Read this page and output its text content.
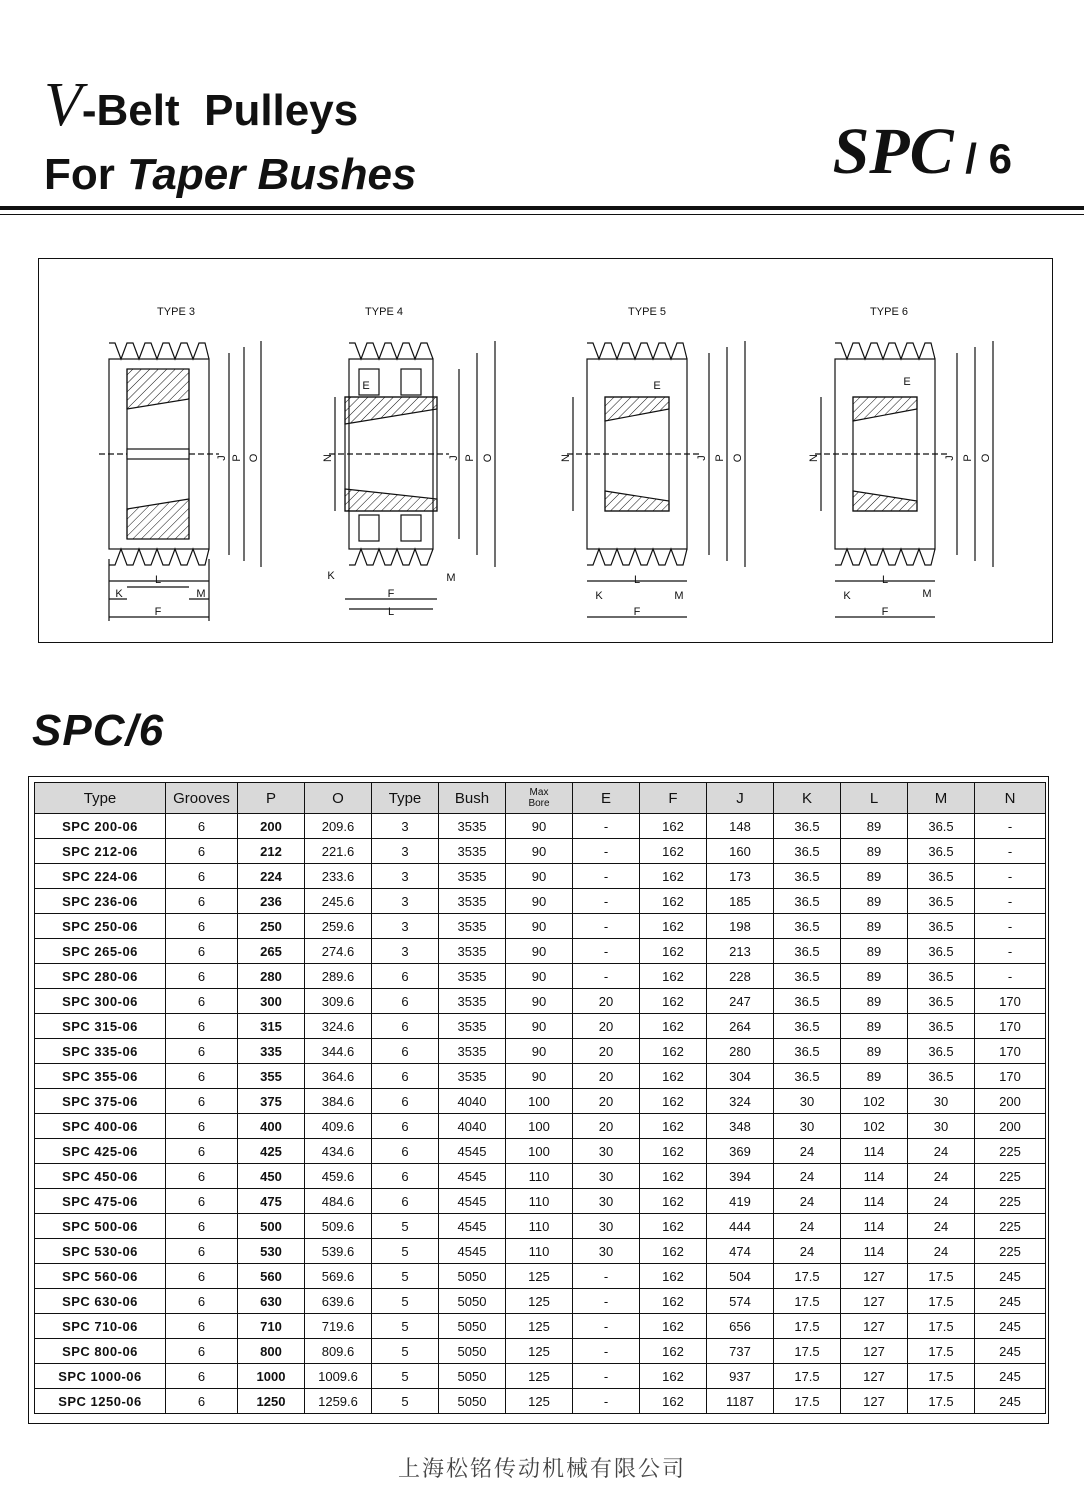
V-Belt  Pulleys
For Taper Bushes	SPC / 6
TYPE 3
L
K	M
F
J P O
TYPE 4
E
N	J P O
K	M
F
L
TYPE 5
E
N	J P O
L
K	M
F
TYPE 6
E
N	J P O
L
K	M
F
SPC/6
Type	Grooves	P	O	Type	Bush	Max
Bore	E	F	J	K	L	M	N
SPC 200-06	6	200	209.6	3	3535	90	-	162	148	36.5	89	36.5	-
SPC 212-06	6	212	221.6	3	3535	90	-	162	160	36.5	89	36.5	-
SPC 224-06	6	224	233.6	3	3535	90	-	162	173	36.5	89	36.5	-
SPC 236-06	6	236	245.6	3	3535	90	-	162	185	36.5	89	36.5	-
SPC 250-06	6	250	259.6	3	3535	90	-	162	198	36.5	89	36.5	-
SPC 265-06	6	265	274.6	3	3535	90	-	162	213	36.5	89	36.5	-
SPC 280-06	6	280	289.6	6	3535	90	-	162	228	36.5	89	36.5	-
SPC 300-06	6	300	309.6	6	3535	90	20	162	247	36.5	89	36.5	170
SPC 315-06	6	315	324.6	6	3535	90	20	162	264	36.5	89	36.5	170
SPC 335-06	6	335	344.6	6	3535	90	20	162	280	36.5	89	36.5	170
SPC 355-06	6	355	364.6	6	3535	90	20	162	304	36.5	89	36.5	170
SPC 375-06	6	375	384.6	6	4040	100	20	162	324	30	102	30	200
SPC 400-06	6	400	409.6	6	4040	100	20	162	348	30	102	30	200
SPC 425-06	6	425	434.6	6	4545	100	30	162	369	24	114	24	225
SPC 450-06	6	450	459.6	6	4545	110	30	162	394	24	114	24	225
SPC 475-06	6	475	484.6	6	4545	110	30	162	419	24	114	24	225
SPC 500-06	6	500	509.6	5	4545	110	30	162	444	24	114	24	225
SPC 530-06	6	530	539.6	5	4545	110	30	162	474	24	114	24	225
SPC 560-06	6	560	569.6	5	5050	125	-	162	504	17.5	127	17.5	245
SPC 630-06	6	630	639.6	5	5050	125	-	162	574	17.5	127	17.5	245
SPC 710-06	6	710	719.6	5	5050	125	-	162	656	17.5	127	17.5	245
SPC 800-06	6	800	809.6	5	5050	125	-	162	737	17.5	127	17.5	245
SPC 1000-06	6	1000	1009.6	5	5050	125	-	162	937	17.5	127	17.5	245
SPC 1250-06	6	1250	1259.6	5	5050	125	-	162	1187	17.5	127	17.5	245
上海松铭传动机械有限公司
